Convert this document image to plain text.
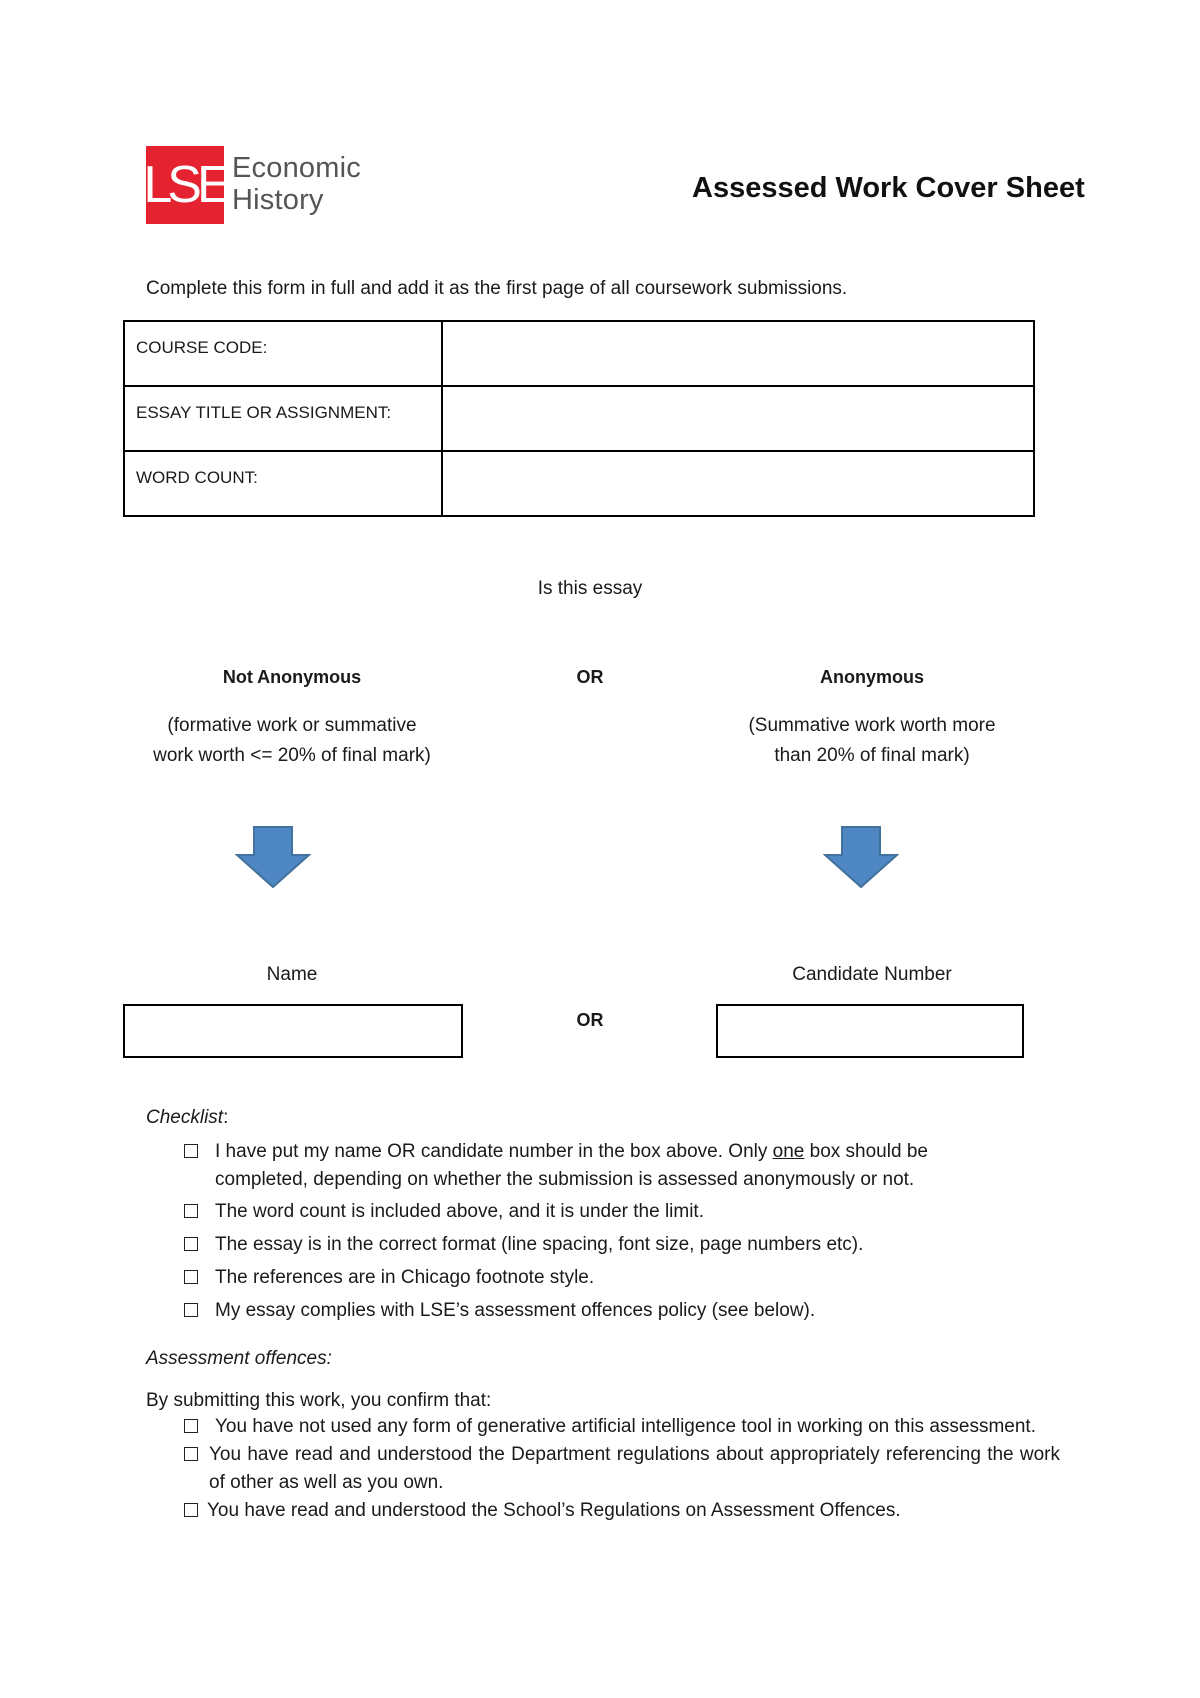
LSE Economic
History	Assessed Work Cover Sheet
Complete this form in full and add it as the first page of all coursework submissions.
COURSE CODE:	
ESSAY TITLE OR ASSIGNMENT:	
WORD COUNT:	
Is this essay
Not Anonymous
(formative work or summative
work worth <= 20% of final mark)
OR	Anonymous
(Summative work worth more
than 20% of final mark)
Name	Candidate Number
OR
Checklist:
I have put my name OR candidate number in the box above. Only one box should be completed, depending on whether the submission is assessed anonymously or not.
The word count is included above, and it is under the limit.
The essay is in the correct format (line spacing, font size, page numbers etc).
The references are in Chicago footnote style.
My essay complies with LSE’s assessment offences policy (see below).
Assessment offences:
By submitting this work, you confirm that:
You have not used any form of generative artificial intelligence tool in working on this assessment.
You have read and understood the Department regulations about appropriately referencing the work of other as well as you own.
You have read and understood the School’s Regulations on Assessment Offences.
